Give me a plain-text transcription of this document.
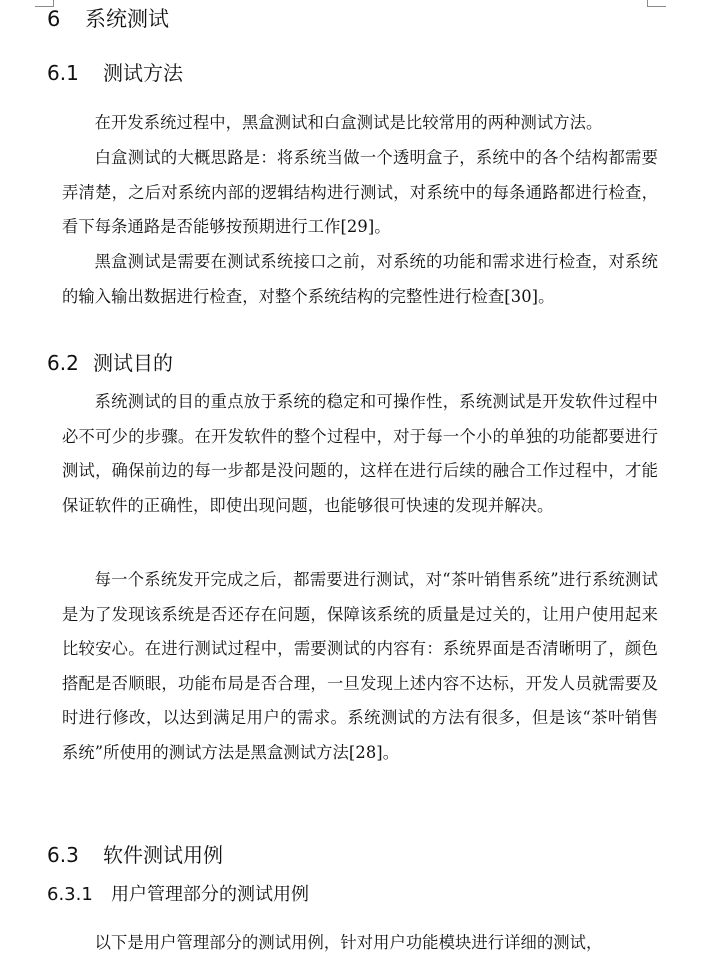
6 系统测试
6.1 测试方法

在开发系统过程中，黑盒测试和白盒测试是比较常用的两种测试方法。

白盒测试的大概思路是：将系统当做一个透明盒子，系统中的各个结构都需要弄清楚，之后对系统内部的逻辑结构进行测试，对系统中的每条通路都进行检查，看下每条通路是否能够按预期进行工作[29]。

黑盒测试是需要在测试系统接口之前，对系统的功能和需求进行检查，对系统的输入输出数据进行检查，对整个系统结构的完整性进行检查[30]。

6.2 测试目的

系统测试的目的重点放于系统的稳定和可操作性，系统测试是开发软件过程中必不可少的步骤。在开发软件的整个过程中，对于每一个小的单独的功能都要进行测试，确保前边的每一步都是没问题的，这样在进行后续的融合工作过程中，才能保证软件的正确性，即使出现问题，也能够很可快速的发现并解决。

每一个系统发开完成之后，都需要进行测试，对“茶叶销售系统”进行系统测试是为了发现该系统是否还存在问题，保障该系统的质量是过关的，让用户使用起来比较安心。在进行测试过程中，需要测试的内容有：系统界面是否清晰明了，颜色搭配是否顺眼，功能布局是否合理，一旦发现上述内容不达标，开发人员就需要及时进行修改，以达到满足用户的需求。系统测试的方法有很多，但是该“茶叶销售系统”所使用的测试方法是黑盒测试方法[28]。

6.3 软件测试用例
6.3.1 用户管理部分的测试用例

以下是用户管理部分的测试用例，针对用户功能模块进行详细的测试，
